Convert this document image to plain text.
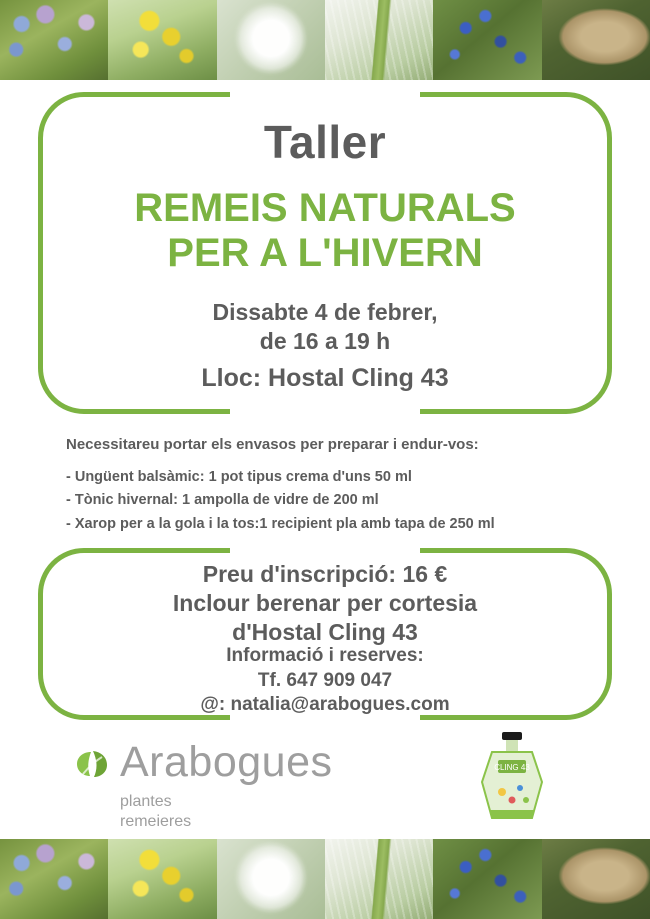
Taller
REMEIS NATURALS
PER A L'HIVERN
Dissabte 4 de febrer,
de 16 a 19 h
Lloc: Hostal Cling 43
Necessitareu portar els envasos per preparar i endur-vos:
- Ungüent balsàmic: 1 pot tipus crema d'uns 50 ml
- Tònic hivernal: 1 ampolla de vidre de 200 ml
- Xarop per a la gola i la tos:1 recipient pla amb tapa de 250 ml
Preu d'inscripció: 16 €
Inclour berenar per cortesia
d'Hostal Cling 43
Informació i reserves:
Tf. 647 909 047
@: natalia@arabogues.com
Arabogues
plantes
remeieres
CLING 43
